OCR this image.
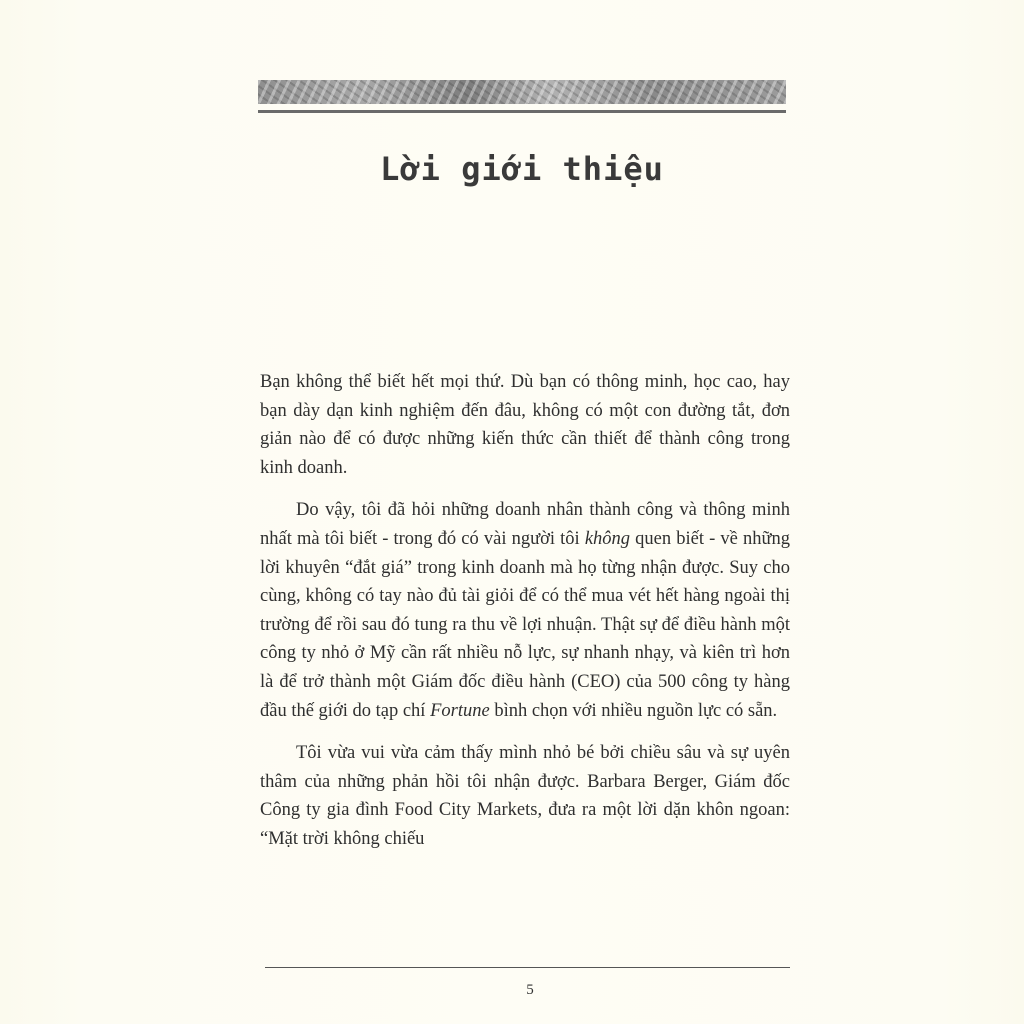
Lời giới thiệu

Bạn không thể biết hết mọi thứ. Dù bạn có thông minh, học cao, hay bạn dày dạn kinh nghiệm đến đâu, không có một con đường tắt, đơn giản nào để có được những kiến thức cần thiết để thành công trong kinh doanh.

Do vậy, tôi đã hỏi những doanh nhân thành công và thông minh nhất mà tôi biết - trong đó có vài người tôi không quen biết - về những lời khuyên “đắt giá” trong kinh doanh mà họ từng nhận được. Suy cho cùng, không có tay nào đủ tài giỏi để có thể mua vét hết hàng ngoài thị trường để rồi sau đó tung ra thu về lợi nhuận. Thật sự để điều hành một công ty nhỏ ở Mỹ cần rất nhiều nỗ lực, sự nhanh nhạy, và kiên trì hơn là để trở thành một Giám đốc điều hành (CEO) của 500 công ty hàng đầu thế giới do tạp chí Fortune bình chọn với nhiều nguồn lực có sẵn.

Tôi vừa vui vừa cảm thấy mình nhỏ bé bởi chiều sâu và sự uyên thâm của những phản hồi tôi nhận được. Barbara Berger, Giám đốc Công ty gia đình Food City Markets, đưa ra một lời dặn khôn ngoan: “Mặt trời không chiếu

5
